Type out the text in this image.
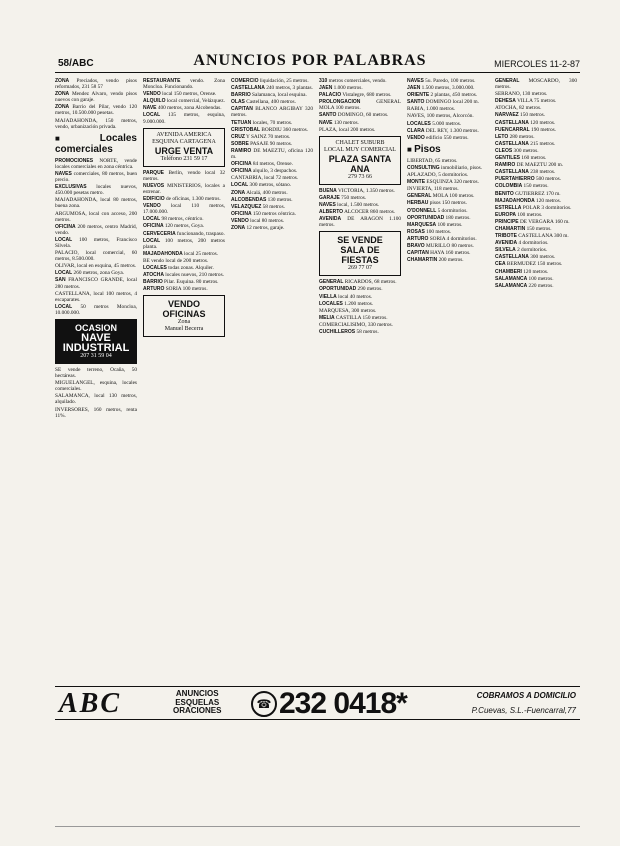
58/ABC	ANUNCIOS POR PALABRAS	MIERCOLES 11-2-87

ZONA Preciados, vendo pisos reformados, 231 58 57

ZONA Mendez Alvaro, vendo pisos nuevos con garaje.

ZONA Barrio del Pilar, vendo 120 metros, 10.500.000 pesetas.

MAJADAHONDA, 150 metros, vendo, urbanización privada.

■ Locales comerciales

PROMOCIONES NORTE, vende locales comerciales en zona céntrica.

NAVES comerciales, 80 metros, buen precio.

EXCLUSIVAS locales nuevos, 450.000 pesetas metro.

MAJADAHONDA, local 80 metros, buena zona.

ARGUMOSA, local con acceso, 200 metros.

OFICINA 200 metros, centro Madrid, vendo.

LOCAL 100 metros, Francisco Silvela.

PALACIO, local comercial, 60 metros, 8.500.000.

OLIVAR, local en esquina, 45 metros.

LOCAL 260 metros, zona Goya.

SAN FRANCISCO GRANDE, local 280 metros.

CASTELLANA, local 100 metros, 4 escaparates.

LOCAL 50 metros Moncloa, 10.000.000.

OCASION
NAVE INDUSTRIAL
207 31 59 04

SE vende terreno, Ocaña, 50 hectáreas.

MIGUELANGEL, esquina, locales comerciales.

SALAMANCA, local 130 metros, alquilado.

INVERSORES, 160 metros, renta 11%.

RESTAURANTE vendo. Zona Moncloa. Funcionando.

VENDO local 150 metros, Orense.

ALQUILO local comercial, Velázquez.

NAVE 400 metros, zona Alcobendas.

LOCAL 135 metros, esquina, 9.000.000.

AVENIDA AMERICA
ESQUINA CARTAGENA
URGE VENTA
Teléfono 231 59 17

PARQUE Berlín, vendo local 32 metros.

NUEVOS MINISTERIOS, locales a estrenar.

EDIFICIO de oficinas, 1.300 metros.

VENDO local 110 metros, 17.000.000.

LOCAL 98 metros, céntrico.

OFICINA 120 metros, Goya.

CERVECERIA funcionando, traspaso.

LOCAL 100 metros, 200 metros planta.

MAJADAHONDA local 25 metros.

BE vendo local de 200 metros.

LOCALES todas zonas. Alquiler.

ATOCHA locales nuevos, 210 metros.

BARRIO Pilar. Esquina. 80 metros.

ARTURO SORIA 100 metros.

VENDO OFICINAS
Zona
Manuel Becerra

COMERCIO liquidación, 25 metros.

CASTELLANA 240 metros, 3 plantas.

BARRIO Salamanca, local esquina.

OLAS Castellana, 400 metros.

CAPITAN BLANCO ARGIBAY 320 metros.

TETUAN locales, 70 metros.

CRISTOBAL BORDIU 360 metros.

CRUZ Y SAINZ 70 metros.

SOBRE PASAJE 90 metros.

RAMIRO DE MAEZTU, oficina 120 m.

OFICINA 84 metros, Orense.

OFICINA alquilo, 3 despachos.

CANTABRIA, local 72 metros.

LOCAL 300 metros, sótano.

ZONA Alcalá, 400 metros.

ALCOBENDAS 130 metros.

VELAZQUEZ 58 metros.

OFICINA 150 metros céntrica.

VENDO local 80 metros.

ZONA 12 metros, garaje.

310 metros comerciales, vendo.

JAEN 1.000 metros.

PALACIO Vistalegre, 680 metros.

PROLONGACION GENERAL MOLA 100 metros.

SANTO DOMINGO, 60 metros.

NAVE 130 metros.

PLAZA, local 200 metros.

CHALET SUBURB
LOCAL MUY COMERCIAL
PLAZA SANTA ANA
279 73 66

BUENA VICTORIA, 1.350 metros.

GARAJE 750 metros.

NAVES local, 1.500 metros.

ALBERTO ALCOCER 860 metros.

AVENIDA DE ARAGON 1.100 metros.

SE VENDE
SALA DE FIESTAS
269 77 07

GENERAL RICARDOS, 68 metros.

OPORTUNIDAD 290 metros.

VIELLA local 40 metros.

LOCALES 1.200 metros.

MARQUESA, 300 metros.

MELIA CASTILLA 150 metros.

COMERCIALISIMO, 330 metros.

CUCHILLEROS 58 metros.

NAVES 5u. Paredo, 100 metros.

JAEN 1.500 metros, 3.000.000.

ORIENTE 2 plantas, 450 metros.

SANTO DOMINGO local 200 m.

RABIA, 1.000 metros.

NAVES, 100 metros, Alcorcón.

LOCALES 5.000 metros.

CLARA DEL REY, 1.300 metros.

VENDO edificio 550 metros.

■ Pisos

LIBERTAD, 65 metros.

CONSULTING inmobiliario, pisos.

APLAZADO, 5 dormitorios.

MONTE ESQUINZA 320 metros.

INVIERTA, 118 metros.

GENERAL MOLA 100 metros.

HERBAU pisos 150 metros.

O'DONNELL 5 dormitorios.

OPORTUNIDAD 180 metros.

MARQUESA 100 metros.

ROSAS 100 metros.

ARTURO SORIA 4 dormitorios.

BRAVO MURILLO 80 metros.

CAPITAN HAYA 160 metros.

CHAMARTIN 200 metros.

GENERAL MOSCARDO, 300 metros.

SERRANO, 130 metros.

DEHESA VILLA 75 metros.

ATOCHA, 82 metros.

NARVAEZ 150 metros.

CASTELLANA 120 metros.

FUENCARRAL 190 metros.

LETO 280 metros.

CASTELLANA 215 metros.

CLEOS 300 metros.

GENTILES 160 metros.

RAMIRO DE MAEZTU 200 m.

CASTELLANA 238 metros.

PUERTAHIERRO 500 metros.

COLOMBIA 150 metros.

BENITO GUTIERREZ 170 m.

MAJADAHONDA 120 metros.

ESTRELLA POLAR 3 dormitorios.

EUROPA 100 metros.

PRINCIPE DE VERGARA 160 m.

CHAMARTIN 150 metros.

TRIBOTE CASTELLANA 300 m.

AVENIDA 4 dormitorios.

SILVELA 2 dormitorios.

CASTELLANA 300 metros.

CEA BERMUDEZ 150 metros.

CHAMBERI 120 metros.

SALAMANCA 100 metros.

SALAMANCA 220 metros.

ABC	ANUNCIOS
ESQUELAS
ORACIONES	☎ 232 0418*	COBRAMOS A DOMICILIO
P.Cuevas, S.L.-Fuencarral,77
